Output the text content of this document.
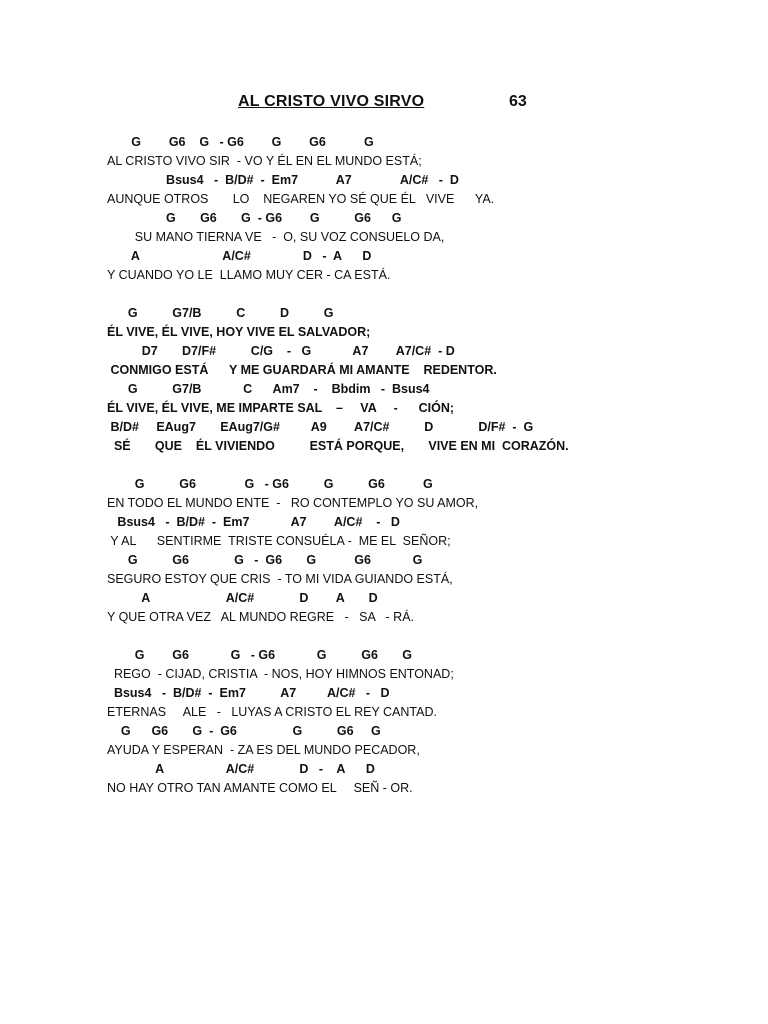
AL CRISTO VIVO SIRVO	63
G        G6    G   - G6        G        G6           G
AL CRISTO VIVO SIR  - VO Y ÉL EN EL MUNDO ESTÁ;
Bsus4   -  B/D#  -  Em7           A7              A/C#   -  D
AUNQUE OTROS       LO    NEGAREN YO SÉ QUE ÉL   VIVE      YA.
G       G6       G  - G6        G          G6      G
SU MANO TIERNA VE   -  O, SU VOZ CONSUELO DA,
A                        A/C#               D   -  A      D
Y CUANDO YO LE  LLAMO MUY CER - CA ESTÁ.
G          G7/B          C          D          G
ÉL VIVE, ÉL VIVE, HOY VIVE EL SALVADOR;
D7       D7/F#          C/G    -   G            A7        A7/C#  - D
CONMIGO ESTÁ      Y ME GUARDARÁ MI AMANTE    REDENTOR.
G          G7/B            C      Am7    -    Bbdim   -  Bsus4
ÉL VIVE, ÉL VIVE, ME IMPARTE SAL    –     VA     -      CIÓN;
B/D#     EAug7       EAug7/G#         A9        A7/C#          D             D/F#  -  G
SÉ       QUE    ÉL VIVIENDO          ESTÁ PORQUE,       VIVE EN MI  CORAZÓN.
G          G6              G   - G6          G          G6           G
EN TODO EL MUNDO ENTE  -   RO CONTEMPLO YO SU AMOR,
Bsus4   -  B/D#  -  Em7            A7        A/C#    -   D
Y AL      SENTIRME  TRISTE CONSUÉLA -  ME EL  SEÑOR;
G          G6             G   -  G6       G           G6            G
SEGURO ESTOY QUE CRIS  - TO MI VIDA GUIANDO ESTÁ,
A                      A/C#             D        A       D
Y QUE OTRA VEZ   AL MUNDO REGRE   -   SA   - RÁ.
G        G6            G   - G6            G          G6       G
REGO  - CIJAD, CRISTIA  - NOS, HOY HIMNOS ENTONAD;
Bsus4   -  B/D#  -  Em7          A7         A/C#   -   D
ETERNAS     ALE   -   LUYAS A CRISTO EL REY CANTAD.
G      G6       G  -  G6                G          G6     G
AYUDA Y ESPERAN  - ZA ES DEL MUNDO PECADOR,
A                  A/C#             D   -    A      D
NO HAY OTRO TAN AMANTE COMO EL     SEÑ - OR.
